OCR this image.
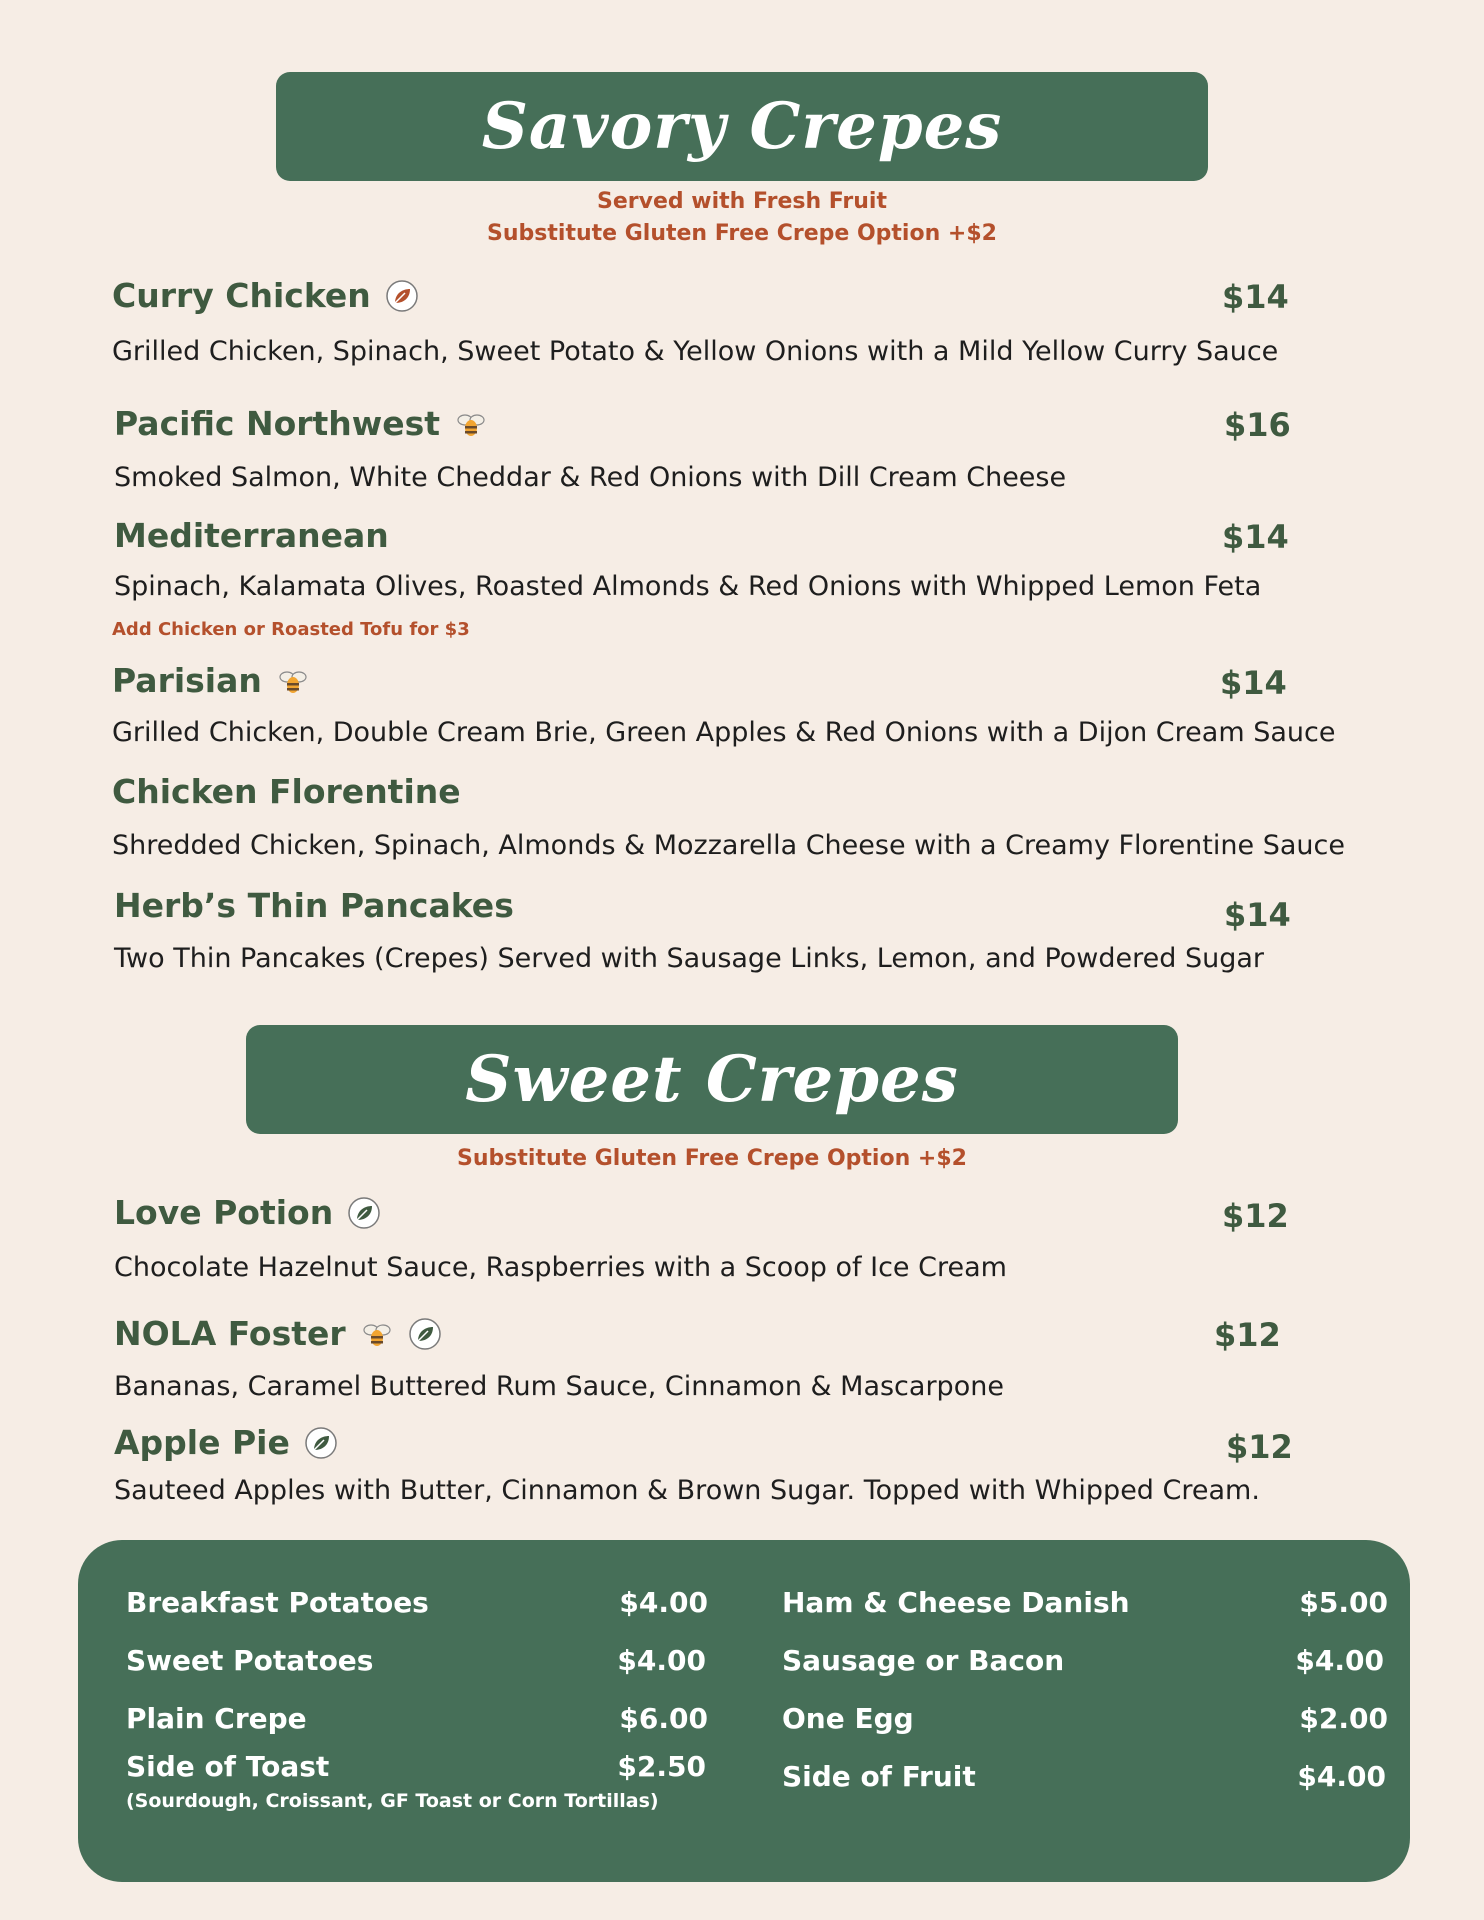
Savory Crepes
Served with Fresh Fruit
Substitute Gluten Free Crepe Option +$2
Curry Chicken	$14
Grilled Chicken, Spinach, Sweet Potato & Yellow Onions with a Mild Yellow Curry Sauce
Pacific Northwest	$16
Smoked Salmon, White Cheddar & Red Onions with Dill Cream Cheese
Mediterranean	$14
Spinach, Kalamata Olives, Roasted Almonds & Red Onions with Whipped Lemon Feta
Add Chicken or Roasted Tofu for $3
Parisian	$14
Grilled Chicken, Double Cream Brie, Green Apples & Red Onions with a Dijon Cream Sauce
Chicken Florentine
Shredded Chicken, Spinach, Almonds & Mozzarella Cheese with a Creamy Florentine Sauce
Herb’s Thin Pancakes	$14
Two Thin Pancakes (Crepes) Served with Sausage Links, Lemon, and Powdered Sugar
Sweet Crepes
Substitute Gluten Free Crepe Option +$2
Love Potion	$12
Chocolate Hazelnut Sauce, Raspberries with a Scoop of Ice Cream
NOLA Foster	$12
Bananas, Caramel Buttered Rum Sauce, Cinnamon & Mascarpone
Apple Pie	$12
Sauteed Apples with Butter, Cinnamon & Brown Sugar. Topped with Whipped Cream.
Breakfast Potatoes	$4.00
Sweet Potatoes	$4.00
Plain Crepe	$6.00
Side of Toast	$2.50
(Sourdough, Croissant, GF Toast or Corn Tortillas)
Ham & Cheese Danish	$5.00
Sausage or Bacon	$4.00
One Egg	$2.00
Side of Fruit	$4.00
